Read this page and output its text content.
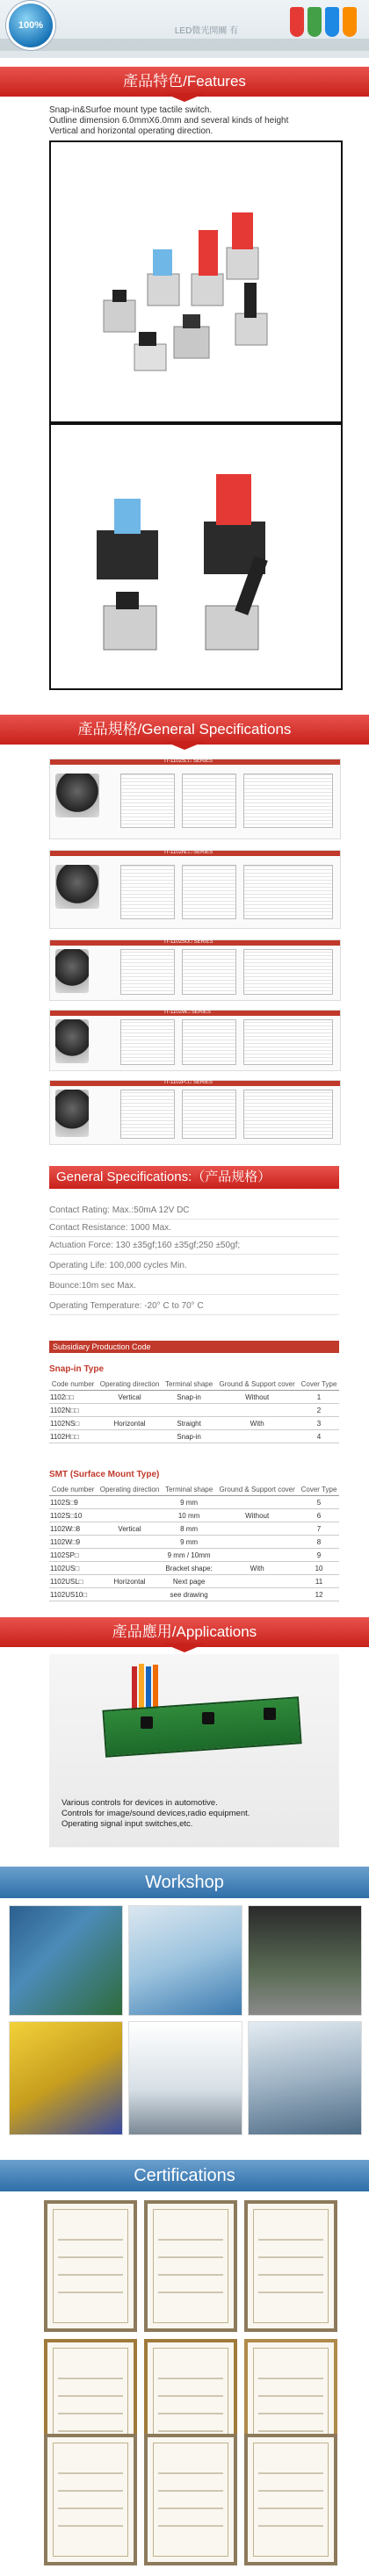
100%
LED微光開關 有
產品特色/Features
Snap-in&Surfoe mount type tactile switch.
Outline dimension 6.0mmX6.0mm and several kinds of height
Vertical and horizontal operating direction.
產品規格/General Specifications
IT-1102S□□ SERIES
IT-1102N□□ SERIES
IT-1102SU□ SERIES
IT-1102W□ SERIES
IT-1102P□□ SERIES
General Specifications:（产品规格）
Contact Rating: Max.:50mA 12V DC
Contact Resistance: 1000 Max.
Actuation Force: 130 ±35gf;160 ±35gf;250 ±50gf;
Operating Life: 100,000 cycles Min.
Bounce:10m sec Max.
Operating Temperature: -20° C to 70° C
Subsidiary Production Code
Snap-in Type
Code number	Operating direction	Terminal shape	Ground & Support cover	Cover Type
1102□□	Vertical	Snap-in	Without	1
1102N□□				2
1102NS□	Horizontal	Straight	With	3
1102H□□		Snap-in		4
SMT (Surface Mount Type)
Code number	Operating direction	Terminal shape	Ground & Support cover	Cover Type
1102S□9		9 mm		5
1102S□10		10 mm	Without	6
1102W□8	Vertical	8 mm		7
1102W□9		9 mm		8
1102SP□		9 mm / 10mm		9
1102US□		Bracket shape:	With	10
1102USL□	Horizontal	Next page		11
1102US10□		see drawing		12
產品應用/Applications
Various controls for devices in automotive.
Controls for image/sound devices,radio equipment.
Operating signal input switches,etc.
Workshop
Certifications
